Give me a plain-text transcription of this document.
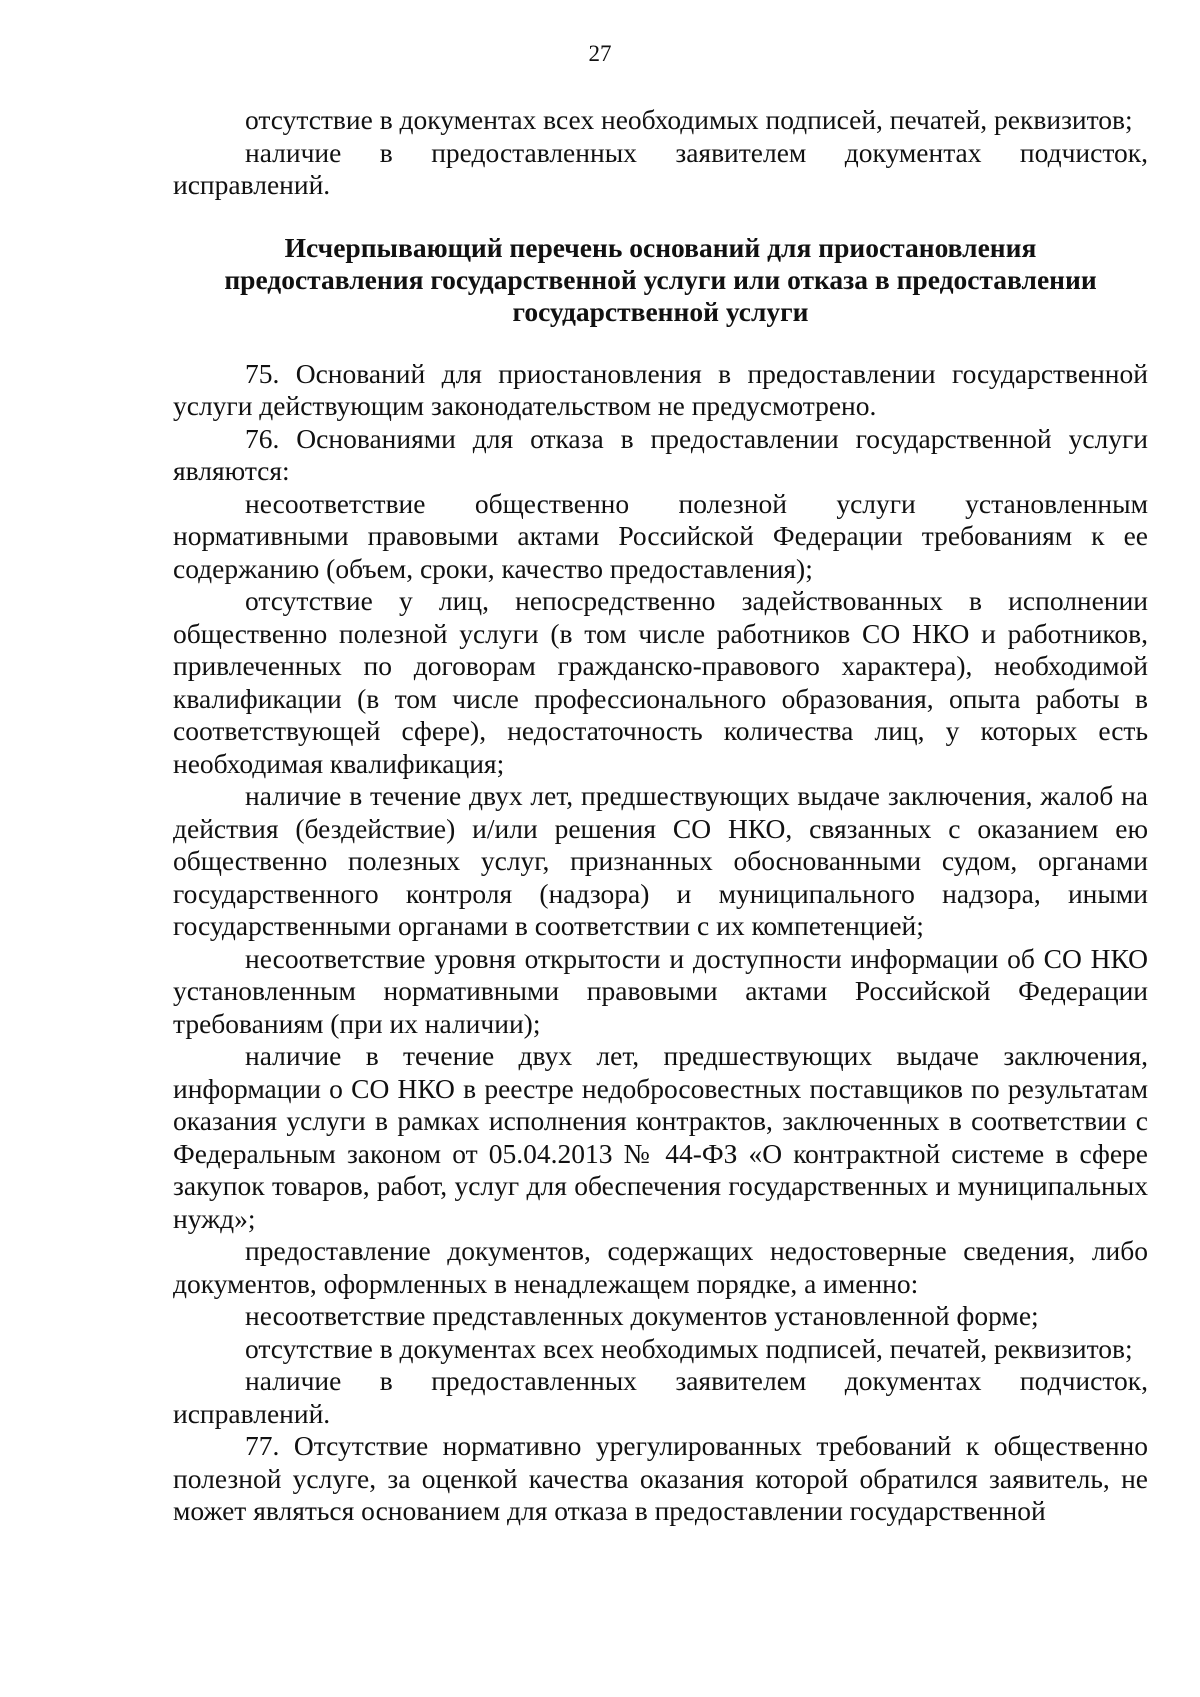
27

отсутствие в документах всех необходимых подписей, печатей, реквизитов;

наличие в предоставленных заявителем документах подчисток, исправлений.

Исчерпывающий перечень оснований для приостановления
предоставления государственной услуги или отказа в предоставлении
государственной услуги

75. Оснований для приостановления в предоставлении государственной услуги действующим законодательством не предусмотрено.

76. Основаниями для отказа в предоставлении государственной услуги являются:

несоответствие общественно полезной услуги установленным нормативными правовыми актами Российской Федерации требованиям к ее содержанию (объем, сроки, качество предоставления);

отсутствие у лиц, непосредственно задействованных в исполнении общественно полезной услуги (в том числе работников СО НКО и работников, привлеченных по договорам гражданско-правового характера), необходимой квалификации (в том числе профессионального образования, опыта работы в соответствующей сфере), недостаточность количества лиц, у которых есть необходимая квалификация;

наличие в течение двух лет, предшествующих выдаче заключения, жалоб на действия (бездействие) и/или решения СО НКО, связанных с оказанием ею общественно полезных услуг, признанных обоснованными судом, органами государственного контроля (надзора) и муниципального надзора, иными государственными органами в соответствии с их компетенцией;

несоответствие уровня открытости и доступности информации об СО НКО установленным нормативными правовыми актами Российской Федерации требованиям (при их наличии);

наличие в течение двух лет, предшествующих выдаче заключения, информации о СО НКО в реестре недобросовестных поставщиков по результатам оказания услуги в рамках исполнения контрактов, заключенных в соответствии с Федеральным законом от 05.04.2013 № 44-ФЗ «О контрактной системе в сфере закупок товаров, работ, услуг для обеспечения государственных и муниципальных нужд»;

предоставление документов, содержащих недостоверные сведения, либо документов, оформленных в ненадлежащем порядке, а именно:

несоответствие представленных документов установленной форме;

отсутствие в документах всех необходимых подписей, печатей, реквизитов;

наличие в предоставленных заявителем документах подчисток, исправлений.

77. Отсутствие нормативно урегулированных требований к общественно полезной услуге, за оценкой качества оказания которой обратился заявитель, не может являться основанием для отказа в предоставлении государственной
